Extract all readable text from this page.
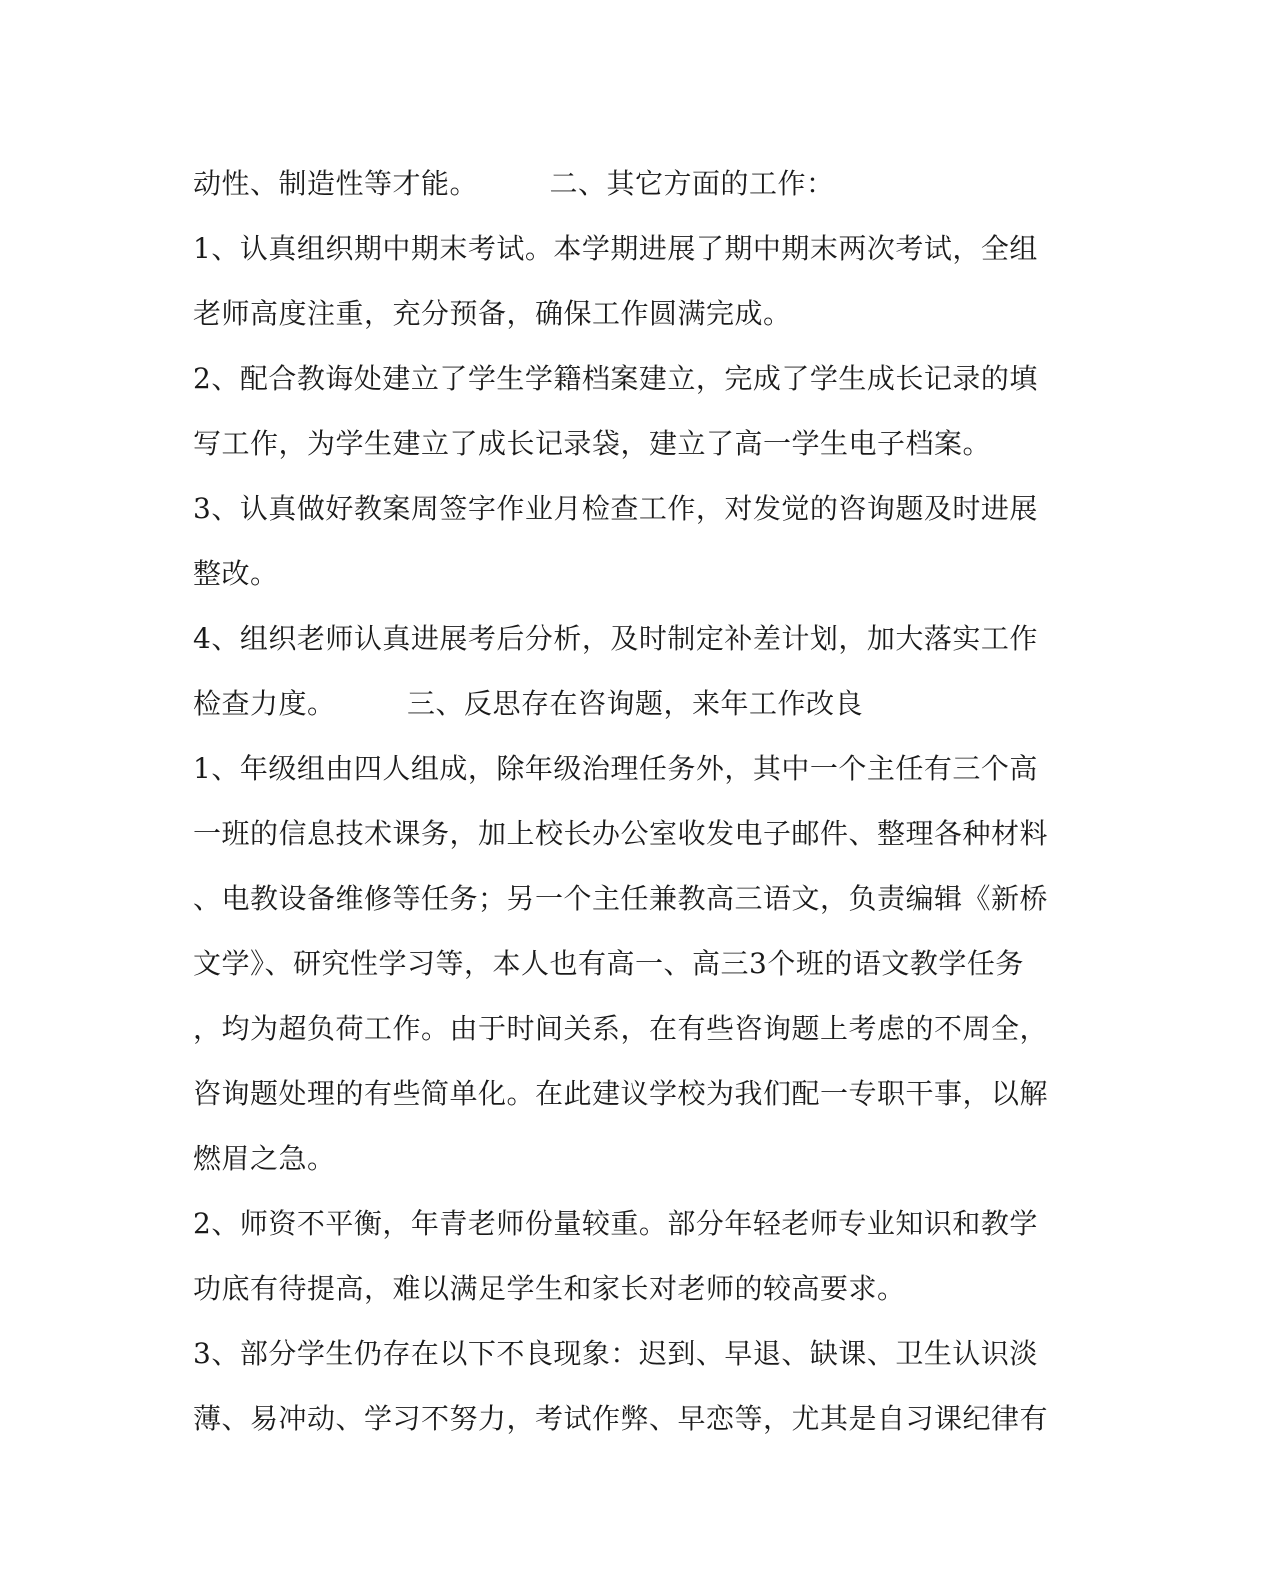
动性、制造性等才能。　　　二、其它方面的工作：
1、认真组织期中期末考试。本学期进展了期中期末两次考试，全组
老师高度注重，充分预备，确保工作圆满完成。
2、配合教诲处建立了学生学籍档案建立，完成了学生成长记录的填
写工作，为学生建立了成长记录袋，建立了高一学生电子档案。
3、认真做好教案周签字作业月检查工作，对发觉的咨询题及时进展
整改。
4、组织老师认真进展考后分析，及时制定补差计划，加大落实工作
检查力度。　　　三、反思存在咨询题，来年工作改良
1、年级组由四人组成，除年级治理任务外，其中一个主任有三个高
一班的信息技术课务，加上校长办公室收发电子邮件、整理各种材料
、电教设备维修等任务；另一个主任兼教高三语文，负责编辑《新桥
文学》、研究性学习等，本人也有高一、高三3个班的语文教学任务
，均为超负荷工作。由于时间关系，在有些咨询题上考虑的不周全，
咨询题处理的有些简单化。在此建议学校为我们配一专职干事，以解
燃眉之急。
2、师资不平衡，年青老师份量较重。部分年轻老师专业知识和教学
功底有待提高，难以满足学生和家长对老师的较高要求。
3、部分学生仍存在以下不良现象：迟到、早退、缺课、卫生认识淡
薄、易冲动、学习不努力，考试作弊、早恋等，尤其是自习课纪律有
